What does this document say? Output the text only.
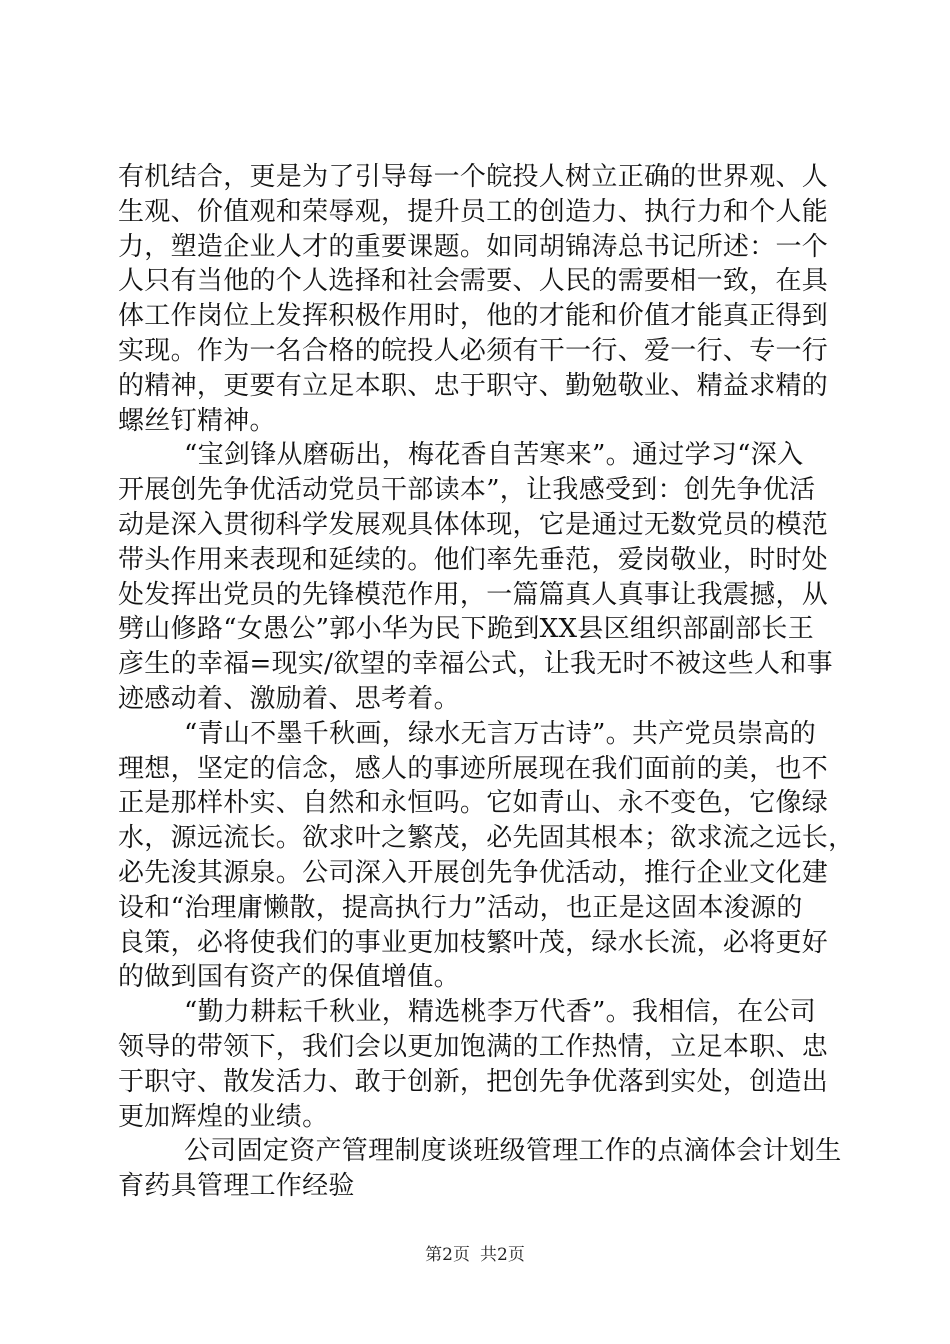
有机结合，更是为了引导每一个皖投人树立正确的世界观、人
生观、价值观和荣辱观，提升员工的创造力、执行力和个人能
力，塑造企业人才的重要课题。如同胡锦涛总书记所述：一个
人只有当他的个人选择和社会需要、人民的需要相一致，在具
体工作岗位上发挥积极作用时，他的才能和价值才能真正得到
实现。作为一名合格的皖投人必须有干一行、爱一行、专一行
的精神，更要有立足本职、忠于职守、勤勉敬业、精益求精的
螺丝钉精神。
“宝剑锋从磨砺出，梅花香自苦寒来”。通过学习“深入
开展创先争优活动党员干部读本”，让我感受到：创先争优活
动是深入贯彻科学发展观具体体现，它是通过无数党员的模范
带头作用来表现和延续的。他们率先垂范，爱岗敬业，时时处
处发挥出党员的先锋模范作用，一篇篇真人真事让我震撼，从
劈山修路“女愚公”郭小华为民下跪到XX县区组织部副部长王
彦生的幸福=现实/欲望的幸福公式，让我无时不被这些人和事
迹感动着、激励着、思考着。
“青山不墨千秋画，绿水无言万古诗”。共产党员崇高的
理想，坚定的信念，感人的事迹所展现在我们面前的美，也不
正是那样朴实、自然和永恒吗。它如青山、永不变色，它像绿
水，源远流长。欲求叶之繁茂，必先固其根本；欲求流之远长，
必先浚其源泉。公司深入开展创先争优活动，推行企业文化建
设和“治理庸懒散，提高执行力”活动，也正是这固本浚源的
良策，必将使我们的事业更加枝繁叶茂，绿水长流，必将更好
的做到国有资产的保值增值。
“勤力耕耘千秋业，精选桃李万代香”。我相信，在公司
领导的带领下，我们会以更加饱满的工作热情，立足本职、忠
于职守、散发活力、敢于创新，把创先争优落到实处，创造出
更加辉煌的业绩。
公司固定资产管理制度谈班级管理工作的点滴体会计划生
育药具管理工作经验
第2页 共2页
